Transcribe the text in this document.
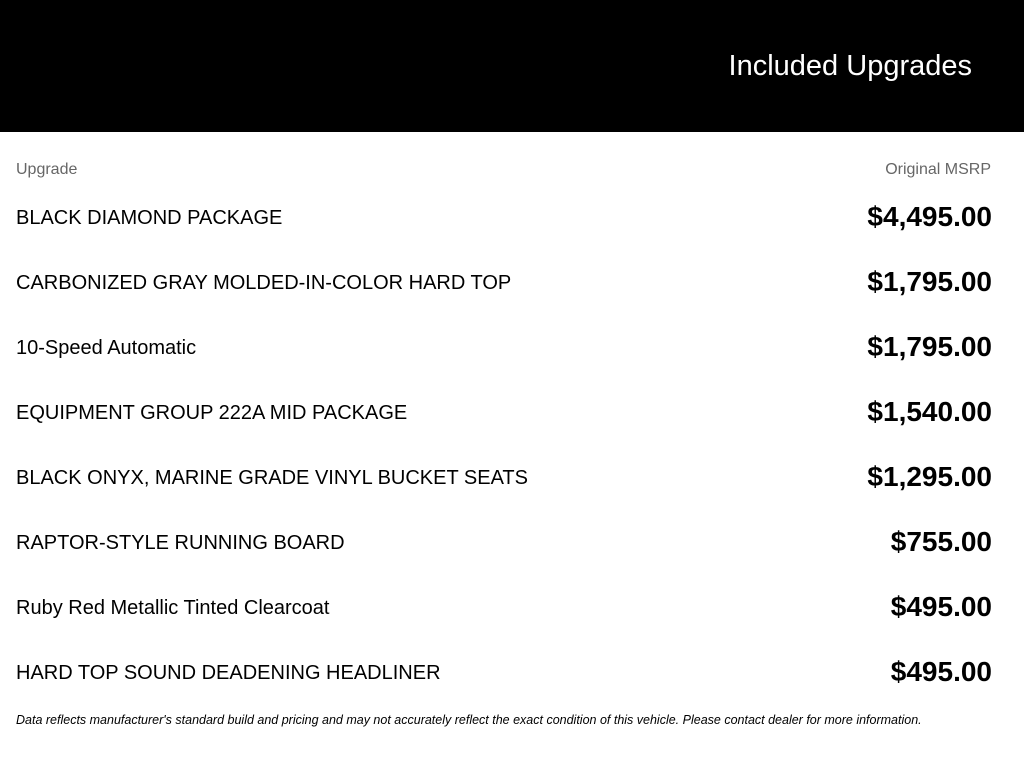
Included Upgrades
Upgrade	Original MSRP
BLACK DIAMOND PACKAGE	$4,495.00
CARBONIZED GRAY MOLDED-IN-COLOR HARD TOP	$1,795.00
10-Speed Automatic	$1,795.00
EQUIPMENT GROUP 222A MID PACKAGE	$1,540.00
BLACK ONYX, MARINE GRADE VINYL BUCKET SEATS	$1,295.00
RAPTOR-STYLE RUNNING BOARD	$755.00
Ruby Red Metallic Tinted Clearcoat	$495.00
HARD TOP SOUND DEADENING HEADLINER	$495.00
Data reflects manufacturer's standard build and pricing and may not accurately reflect the exact condition of this vehicle. Please contact dealer for more information.
